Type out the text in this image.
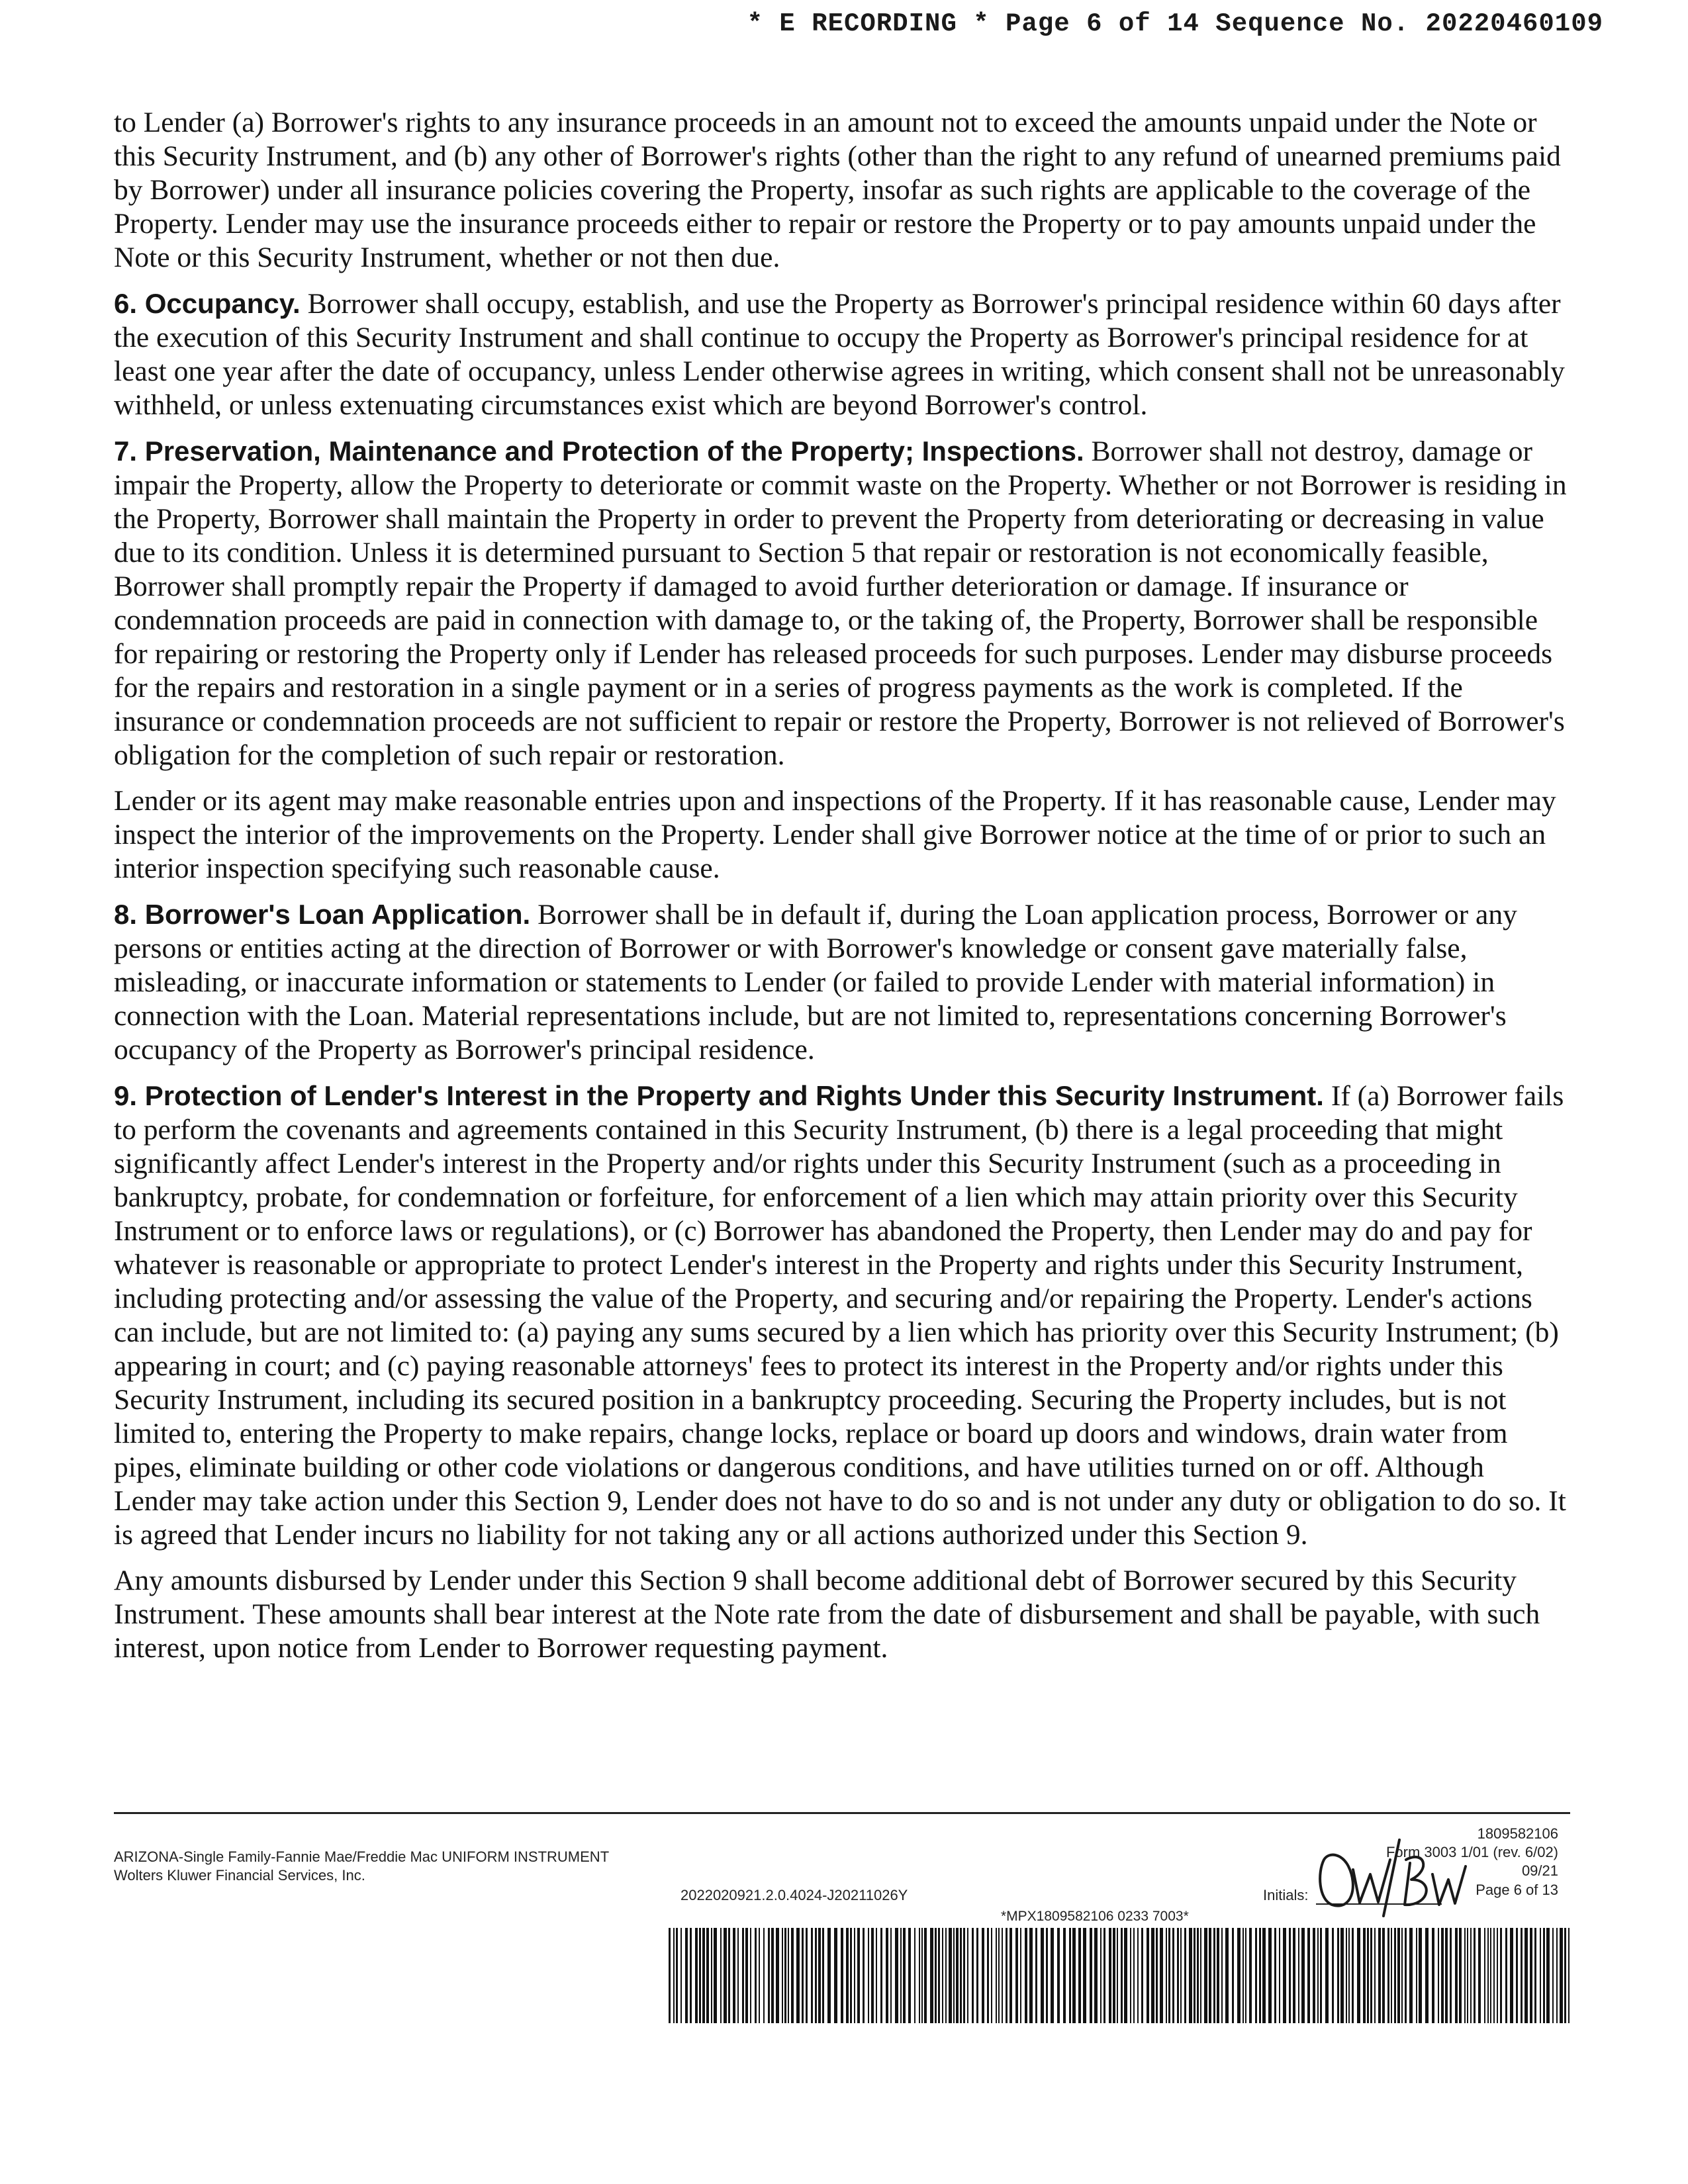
* E RECORDING * Page 6 of 14 Sequence No. 20220460109

to Lender (a) Borrower's rights to any insurance proceeds in an amount not to exceed the amounts unpaid under the Note or this Security Instrument, and (b) any other of Borrower's rights (other than the right to any refund of unearned premiums paid by Borrower) under all insurance policies covering the Property, insofar as such rights are applicable to the coverage of the Property. Lender may use the insurance proceeds either to repair or restore the Property or to pay amounts unpaid under the Note or this Security Instrument, whether or not then due.

6. Occupancy. Borrower shall occupy, establish, and use the Property as Borrower's principal residence within 60 days after the execution of this Security Instrument and shall continue to occupy the Property as Borrower's principal residence for at least one year after the date of occupancy, unless Lender otherwise agrees in writing, which consent shall not be unreasonably withheld, or unless extenuating circumstances exist which are beyond Borrower's control.

7. Preservation, Maintenance and Protection of the Property; Inspections. Borrower shall not destroy, damage or impair the Property, allow the Property to deteriorate or commit waste on the Property. Whether or not Borrower is residing in the Property, Borrower shall maintain the Property in order to prevent the Property from deteriorating or decreasing in value due to its condition. Unless it is determined pursuant to Section 5 that repair or restoration is not economically feasible, Borrower shall promptly repair the Property if damaged to avoid further deterioration or damage. If insurance or condemnation proceeds are paid in connection with damage to, or the taking of, the Property, Borrower shall be responsible for repairing or restoring the Property only if Lender has released proceeds for such purposes. Lender may disburse proceeds for the repairs and restoration in a single payment or in a series of progress payments as the work is completed. If the insurance or condemnation proceeds are not sufficient to repair or restore the Property, Borrower is not relieved of Borrower's obligation for the completion of such repair or restoration.

Lender or its agent may make reasonable entries upon and inspections of the Property. If it has reasonable cause, Lender may inspect the interior of the improvements on the Property. Lender shall give Borrower notice at the time of or prior to such an interior inspection specifying such reasonable cause.

8. Borrower's Loan Application. Borrower shall be in default if, during the Loan application process, Borrower or any persons or entities acting at the direction of Borrower or with Borrower's knowledge or consent gave materially false, misleading, or inaccurate information or statements to Lender (or failed to provide Lender with material information) in connection with the Loan. Material representations include, but are not limited to, representations concerning Borrower's occupancy of the Property as Borrower's principal residence.

9. Protection of Lender's Interest in the Property and Rights Under this Security Instrument. If (a) Borrower fails to perform the covenants and agreements contained in this Security Instrument, (b) there is a legal proceeding that might significantly affect Lender's interest in the Property and/or rights under this Security Instrument (such as a proceeding in bankruptcy, probate, for condemnation or forfeiture, for enforcement of a lien which may attain priority over this Security Instrument or to enforce laws or regulations), or (c) Borrower has abandoned the Property, then Lender may do and pay for whatever is reasonable or appropriate to protect Lender's interest in the Property and rights under this Security Instrument, including protecting and/or assessing the value of the Property, and securing and/or repairing the Property. Lender's actions can include, but are not limited to: (a) paying any sums secured by a lien which has priority over this Security Instrument; (b) appearing in court; and (c) paying reasonable attorneys' fees to protect its interest in the Property and/or rights under this Security Instrument, including its secured position in a bankruptcy proceeding. Securing the Property includes, but is not limited to, entering the Property to make repairs, change locks, replace or board up doors and windows, drain water from pipes, eliminate building or other code violations or dangerous conditions, and have utilities turned on or off. Although Lender may take action under this Section 9, Lender does not have to do so and is not under any duty or obligation to do so. It is agreed that Lender incurs no liability for not taking any or all actions authorized under this Section 9.

Any amounts disbursed by Lender under this Section 9 shall become additional debt of Borrower secured by this Security Instrument. These amounts shall bear interest at the Note rate from the date of disbursement and shall be payable, with such interest, upon notice from Lender to Borrower requesting payment.

ARIZONA-Single Family-Fannie Mae/Freddie Mac UNIFORM INSTRUMENT
Wolters Kluwer Financial Services, Inc.
2022020921.2.0.4024-J20211026Y
1809582106
Form 3003 1/01 (rev. 6/02)
09/21
Page 6 of 13
Initials:
*MPX1809582106 0233 7003*
